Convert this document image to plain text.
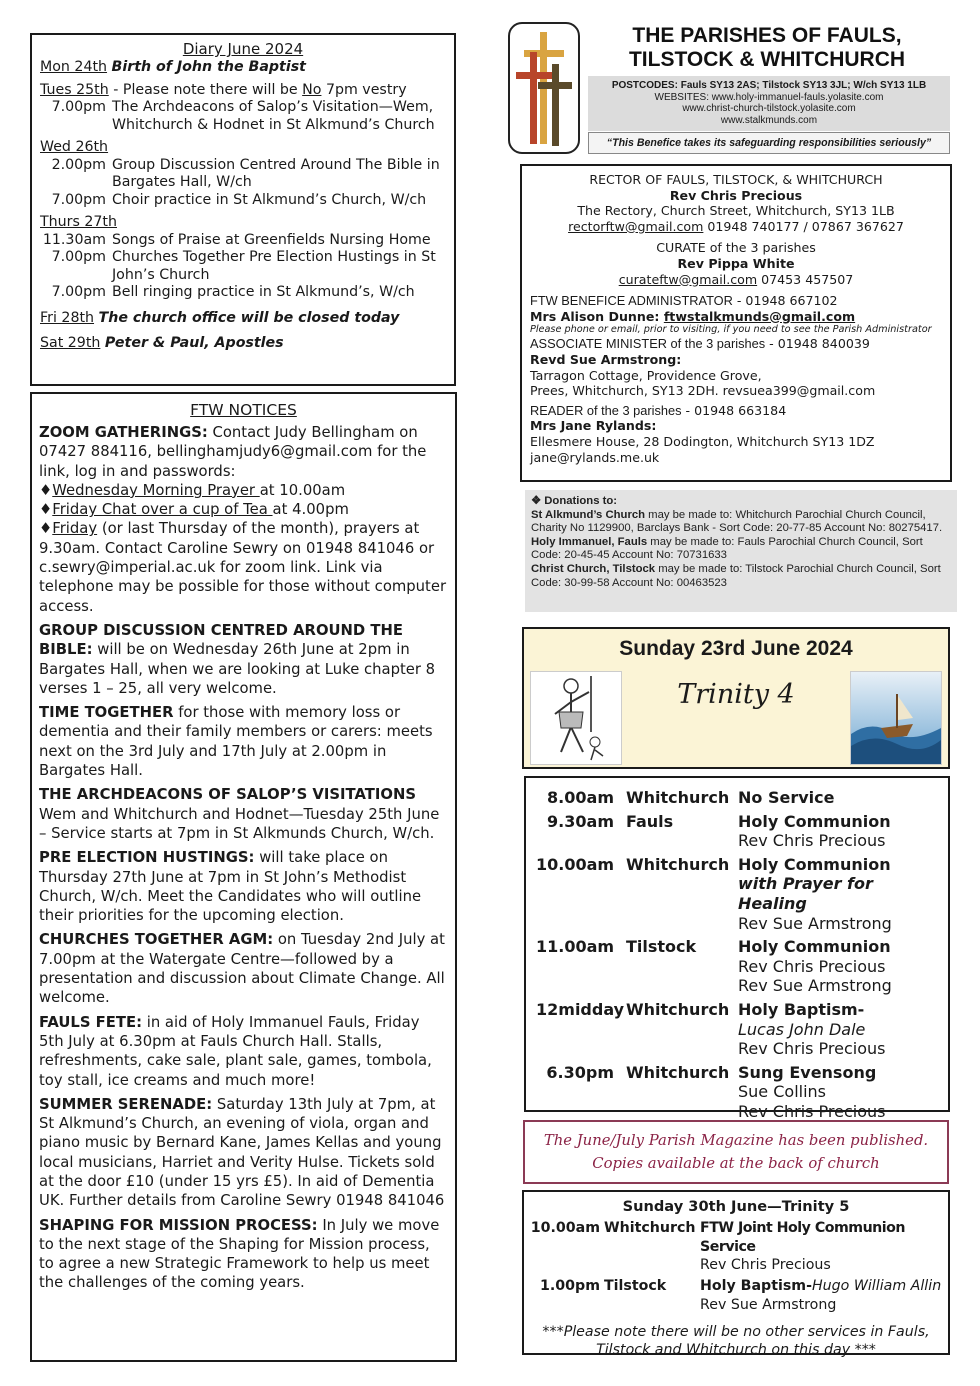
Diary June 2024
Mon 24th Birth of John the Baptist
Tues 25th - Please note there will be No 7pm vestry
7.00pm The Archdeacons of Salop’s Visitation—Wem, Whitchurch & Hodnet in St Alkmund’s Church
Wed 26th
2.00pm Group Discussion Centred Around The Bible in Bargates Hall, W/ch
7.00pm Choir practice in St Alkmund’s Church, W/ch
Thurs 27th
11.30am Songs of Praise at Greenfields Nursing Home
7.00pm Churches Together Pre Election Hustings in St John’s Church
7.00pm Bell ringing practice in St Alkmund’s, W/ch
Fri 28th The church office will be closed today
Sat 29th Peter & Paul, Apostles
FTW NOTICES
ZOOM GATHERINGS: Contact Judy Bellingham on 07427 884116, bellinghamjudy6@gmail.com for the link, log in and passwords:
♦Wednesday Morning Prayer at 10.00am
♦Friday Chat over a cup of Tea at 4.00pm
♦Friday (or last Thursday of the month), prayers at 9.30am. Contact Caroline Sewry on 01948 841046 or c.sewry@imperial.ac.uk for zoom link. Link via telephone may be possible for those without computer access.
GROUP DISCUSSION CENTRED AROUND THE BIBLE: will be on Wednesday 26th June at 2pm in Bargates Hall, when we are looking at Luke chapter 8 verses 1 – 25, all very welcome.
TIME TOGETHER for those with memory loss or dementia and their family members or carers: meets next on the 3rd July and 17th July at 2.00pm in Bargates Hall.
THE ARCHDEACONS OF SALOP’S VISITATIONS Wem and Whitchurch and Hodnet—Tuesday 25th June – Service starts at 7pm in St Alkmunds Church, W/ch.
PRE ELECTION HUSTINGS: will take place on Thursday 27th June at 7pm in St John’s Methodist Church, W/ch. Meet the Candidates who will outline their priorities for the upcoming election.
CHURCHES TOGETHER AGM: on Tuesday 2nd July at 7.00pm at the Watergate Centre—followed by a presentation and discussion about Climate Change. All welcome.
FAULS FETE: in aid of Holy Immanuel Fauls, Friday 5th July at 6.30pm at Fauls Church Hall. Stalls, refreshments, cake sale, plant sale, games, tombola, toy stall, ice creams and much more!
SUMMER SERENADE: Saturday 13th July at 7pm, at St Alkmund’s Church, an evening of viola, organ and piano music by Bernard Kane, James Kellas and young local musicians, Harriet and Verity Hulse. Tickets sold at the door £10 (under 15 yrs £5). In aid of Dementia UK. Further details from Caroline Sewry 01948 841046
SHAPING FOR MISSION PROCESS: In July we move to the next stage of the Shaping for Mission process, to agree a new Strategic Framework to help us meet the challenges of the coming years.
THE PARISHES OF FAULS,
TILSTOCK & WHITCHURCH
POSTCODES: Fauls SY13 2AS; Tilstock SY13 3JL; W/ch SY13 1LB
WEBSITES: www.holy-immanuel-fauls.yolasite.com
www.christ-church-tilstock.yolasite.com
www.stalkmunds.com
“This Benefice takes its safeguarding responsibilities seriously”
RECTOR OF FAULS, TILSTOCK, & WHITCHURCH
Rev Chris Precious
The Rectory, Church Street, Whitchurch, SY13 1LB
rectorftw@gmail.com 01948 740177 / 07867 367627
CURATE of the 3 parishes
Rev Pippa White
curateftw@gmail.com 07453 457507
FTW BENEFICE ADMINISTRATOR - 01948 667102
Mrs Alison Dunne: ftwstalkmunds@gmail.com
Please phone or email, prior to visiting, if you need to see the Parish Administrator
ASSOCIATE MINISTER of the 3 parishes - 01948 840039
Revd Sue Armstrong:
Tarragon Cottage, Providence Grove,
Prees, Whitchurch, SY13 2DH. revsuea399@gmail.com
READER of the 3 parishes - 01948 663184
Mrs Jane Rylands:
Ellesmere House, 28 Dodington, Whitchurch SY13 1DZ
jane@rylands.me.uk
❖ Donations to:
St Alkmund’s Church may be made to: Whitchurch Parochial Church Council, Charity No 1129900, Barclays Bank - Sort Code: 20-77-85 Account No: 80275417.
Holy Immanuel, Fauls may be made to: Fauls Parochial Church Council, Sort Code: 20-45-45 Account No: 70731633
Christ Church, Tilstock may be made to: Tilstock Parochial Church Council, Sort Code: 30-99-58 Account No: 00463523
Sunday 23rd June 2024
Trinity 4
8.00am Whitchurch No Service
9.30am Fauls	Holy Communion
Rev Chris Precious
10.00am Whitchurch Holy Communion
with Prayer for Healing
Rev Sue Armstrong
11.00am Tilstock	Holy Communion
Rev Chris Precious
Rev Sue Armstrong
12midday Whitchurch Holy Baptism-
Lucas John Dale
Rev Chris Precious
6.30pm Whitchurch Sung Evensong
Sue Collins
Rev Chris Precious
The June/July Parish Magazine has been published.
Copies available at the back of church
Sunday 30th June—Trinity 5
10.00am Whitchurch FTW Joint Holy Communion Service
Rev Chris Precious
1.00pm Tilstock	Holy Baptism-Hugo William Allin
Rev Sue Armstrong
***Please note there will be no other services in Fauls, Tilstock and Whitchurch on this day ***
